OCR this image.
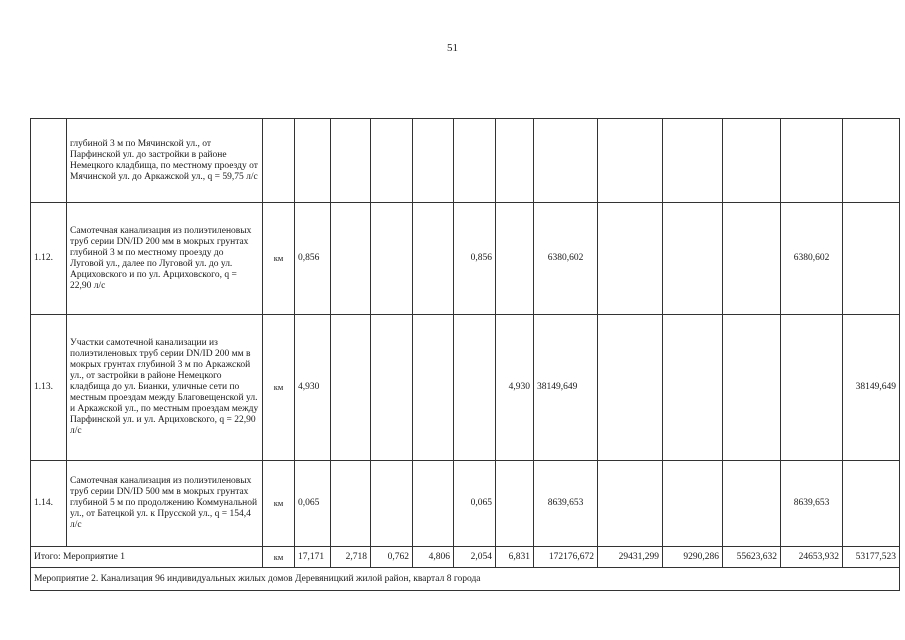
51
	глубиной 3 м по Мячинской ул., от Парфинской ул. до застройки в районе Немецкого кладбища, по местному проезду от Мячинской ул. до Аркажской ул., q = 59,75 л/с													
1.12.	Самотечная канализация из полиэтиленовых труб серии DN/ID 200 мм в мокрых грунтах глубиной 3 м по местному проезду до Луговой ул., далее по Луговой ул. до ул. Арциховского и по ул. Арциховского, q = 22,90 л/с	км	0,856				0,856		6380,602				6380,602	
1.13.	Участки самотечной канализации из полиэтиленовых труб серии DN/ID 200 мм в мокрых грунтах глубиной 3 м по Аркажской ул., от застройки в районе Немецкого кладбища до ул. Бианки, уличные сети по местным проездам между Благовещенской ул. и Аркажской ул., по местным проездам между Парфинской ул. и ул. Арциховского, q = 22,90 л/с	км	4,930					4,930	38149,649					38149,649
1.14.	Самотечная канализация из полиэтиленовых труб серии DN/ID 500 мм в мокрых грунтах глубиной 5 м по продолжению Коммунальной ул., от Батецкой ул. к Прусской ул., q = 154,4 л/с	км	0,065				0,065		8639,653				8639,653	
Итого: Мероприятие 1		км	17,171	2,718	0,762	4,806	2,054	6,831	172176,672	29431,299	9290,286	55623,632	24653,932	53177,523
Мероприятие 2. Канализация 96 индивидуальных жилых домов Деревяницкий жилой район, квартал 8 города														
